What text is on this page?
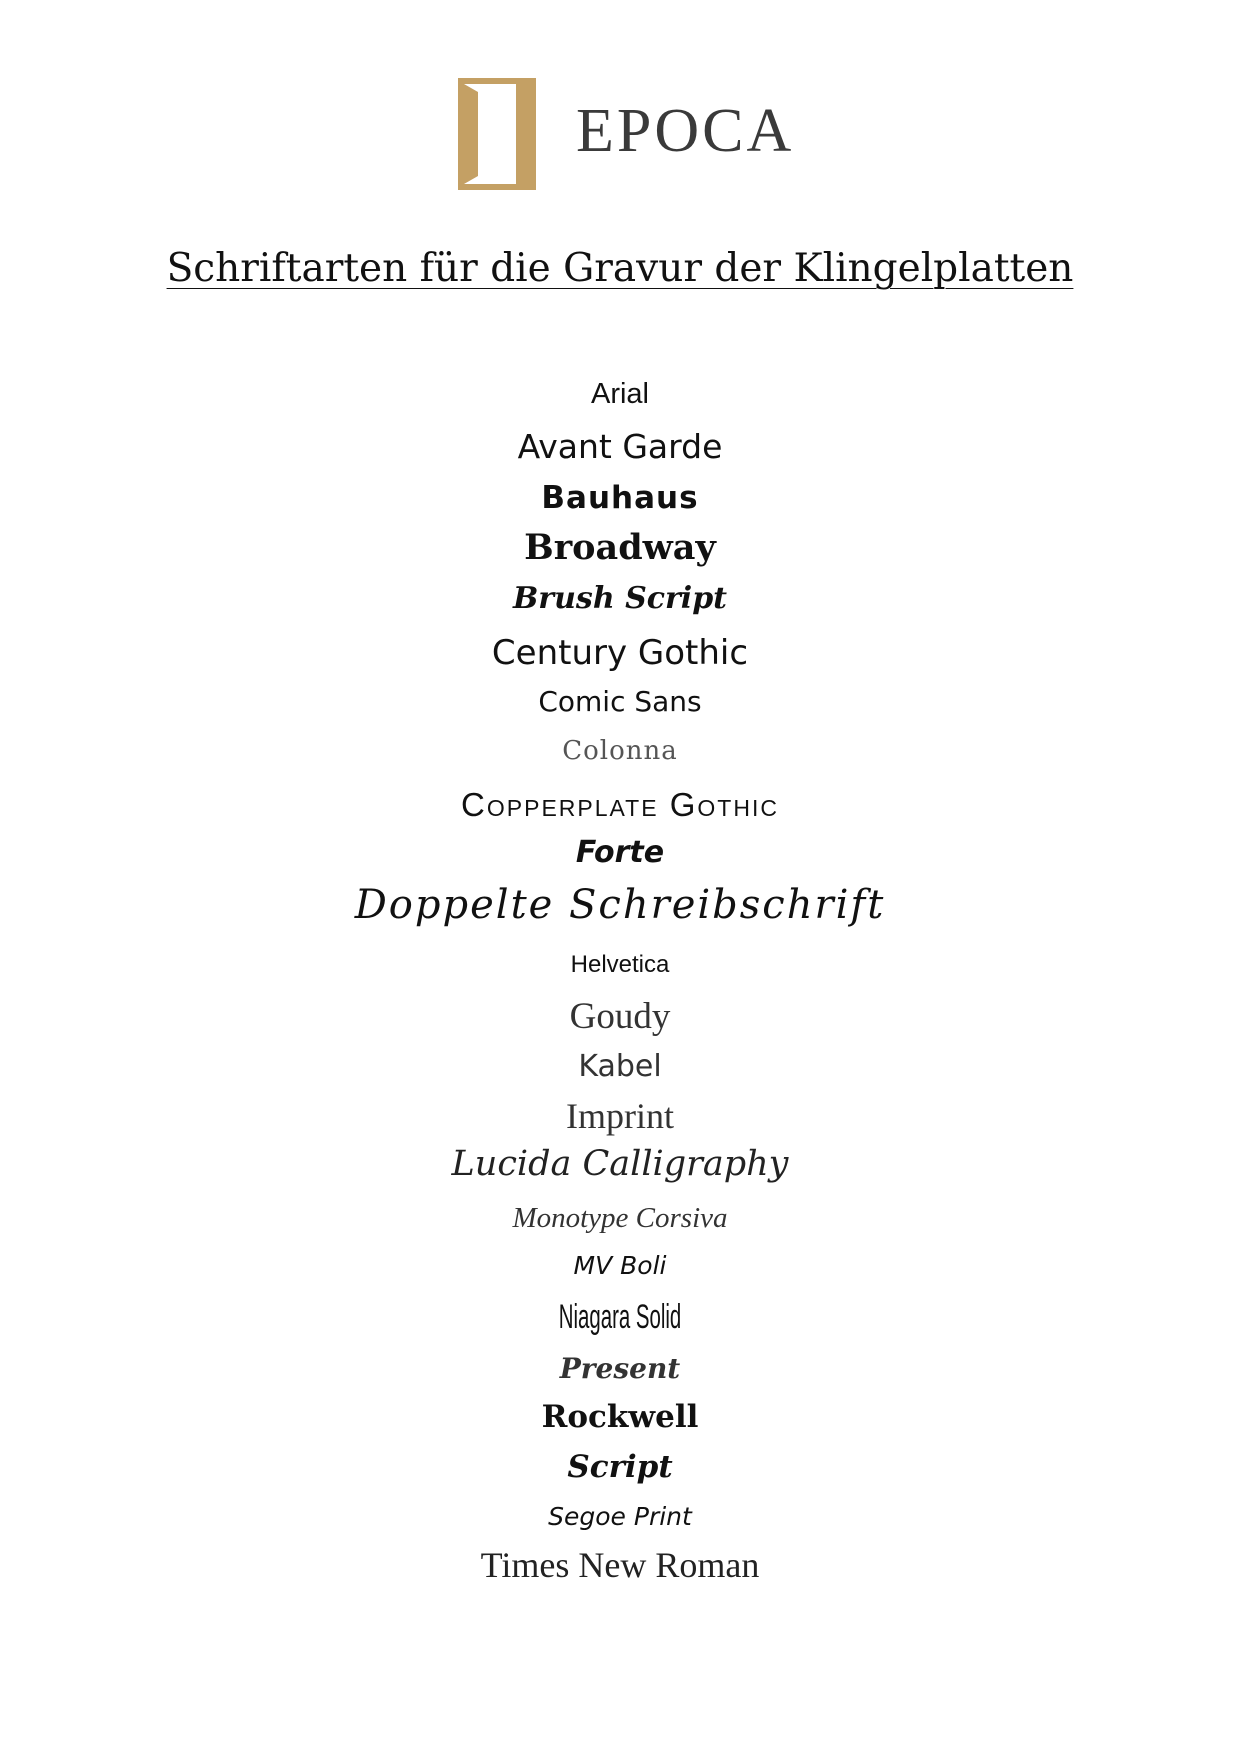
EPOCA
Schriftarten für die Gravur der Klingelplatten
Arial
Avant Garde
Bauhaus
Broadway
Brush Script
Century Gothic
Comic Sans
Colonna
Copperplate Gothic
Forte
Doppelte Schreibschrift
Helvetica
Goudy
Kabel
Imprint
Lucida Calligraphy
Monotype Corsiva
MV Boli
Niagara Solid
Present
Rockwell
Script
Segoe Print
Times New Roman
